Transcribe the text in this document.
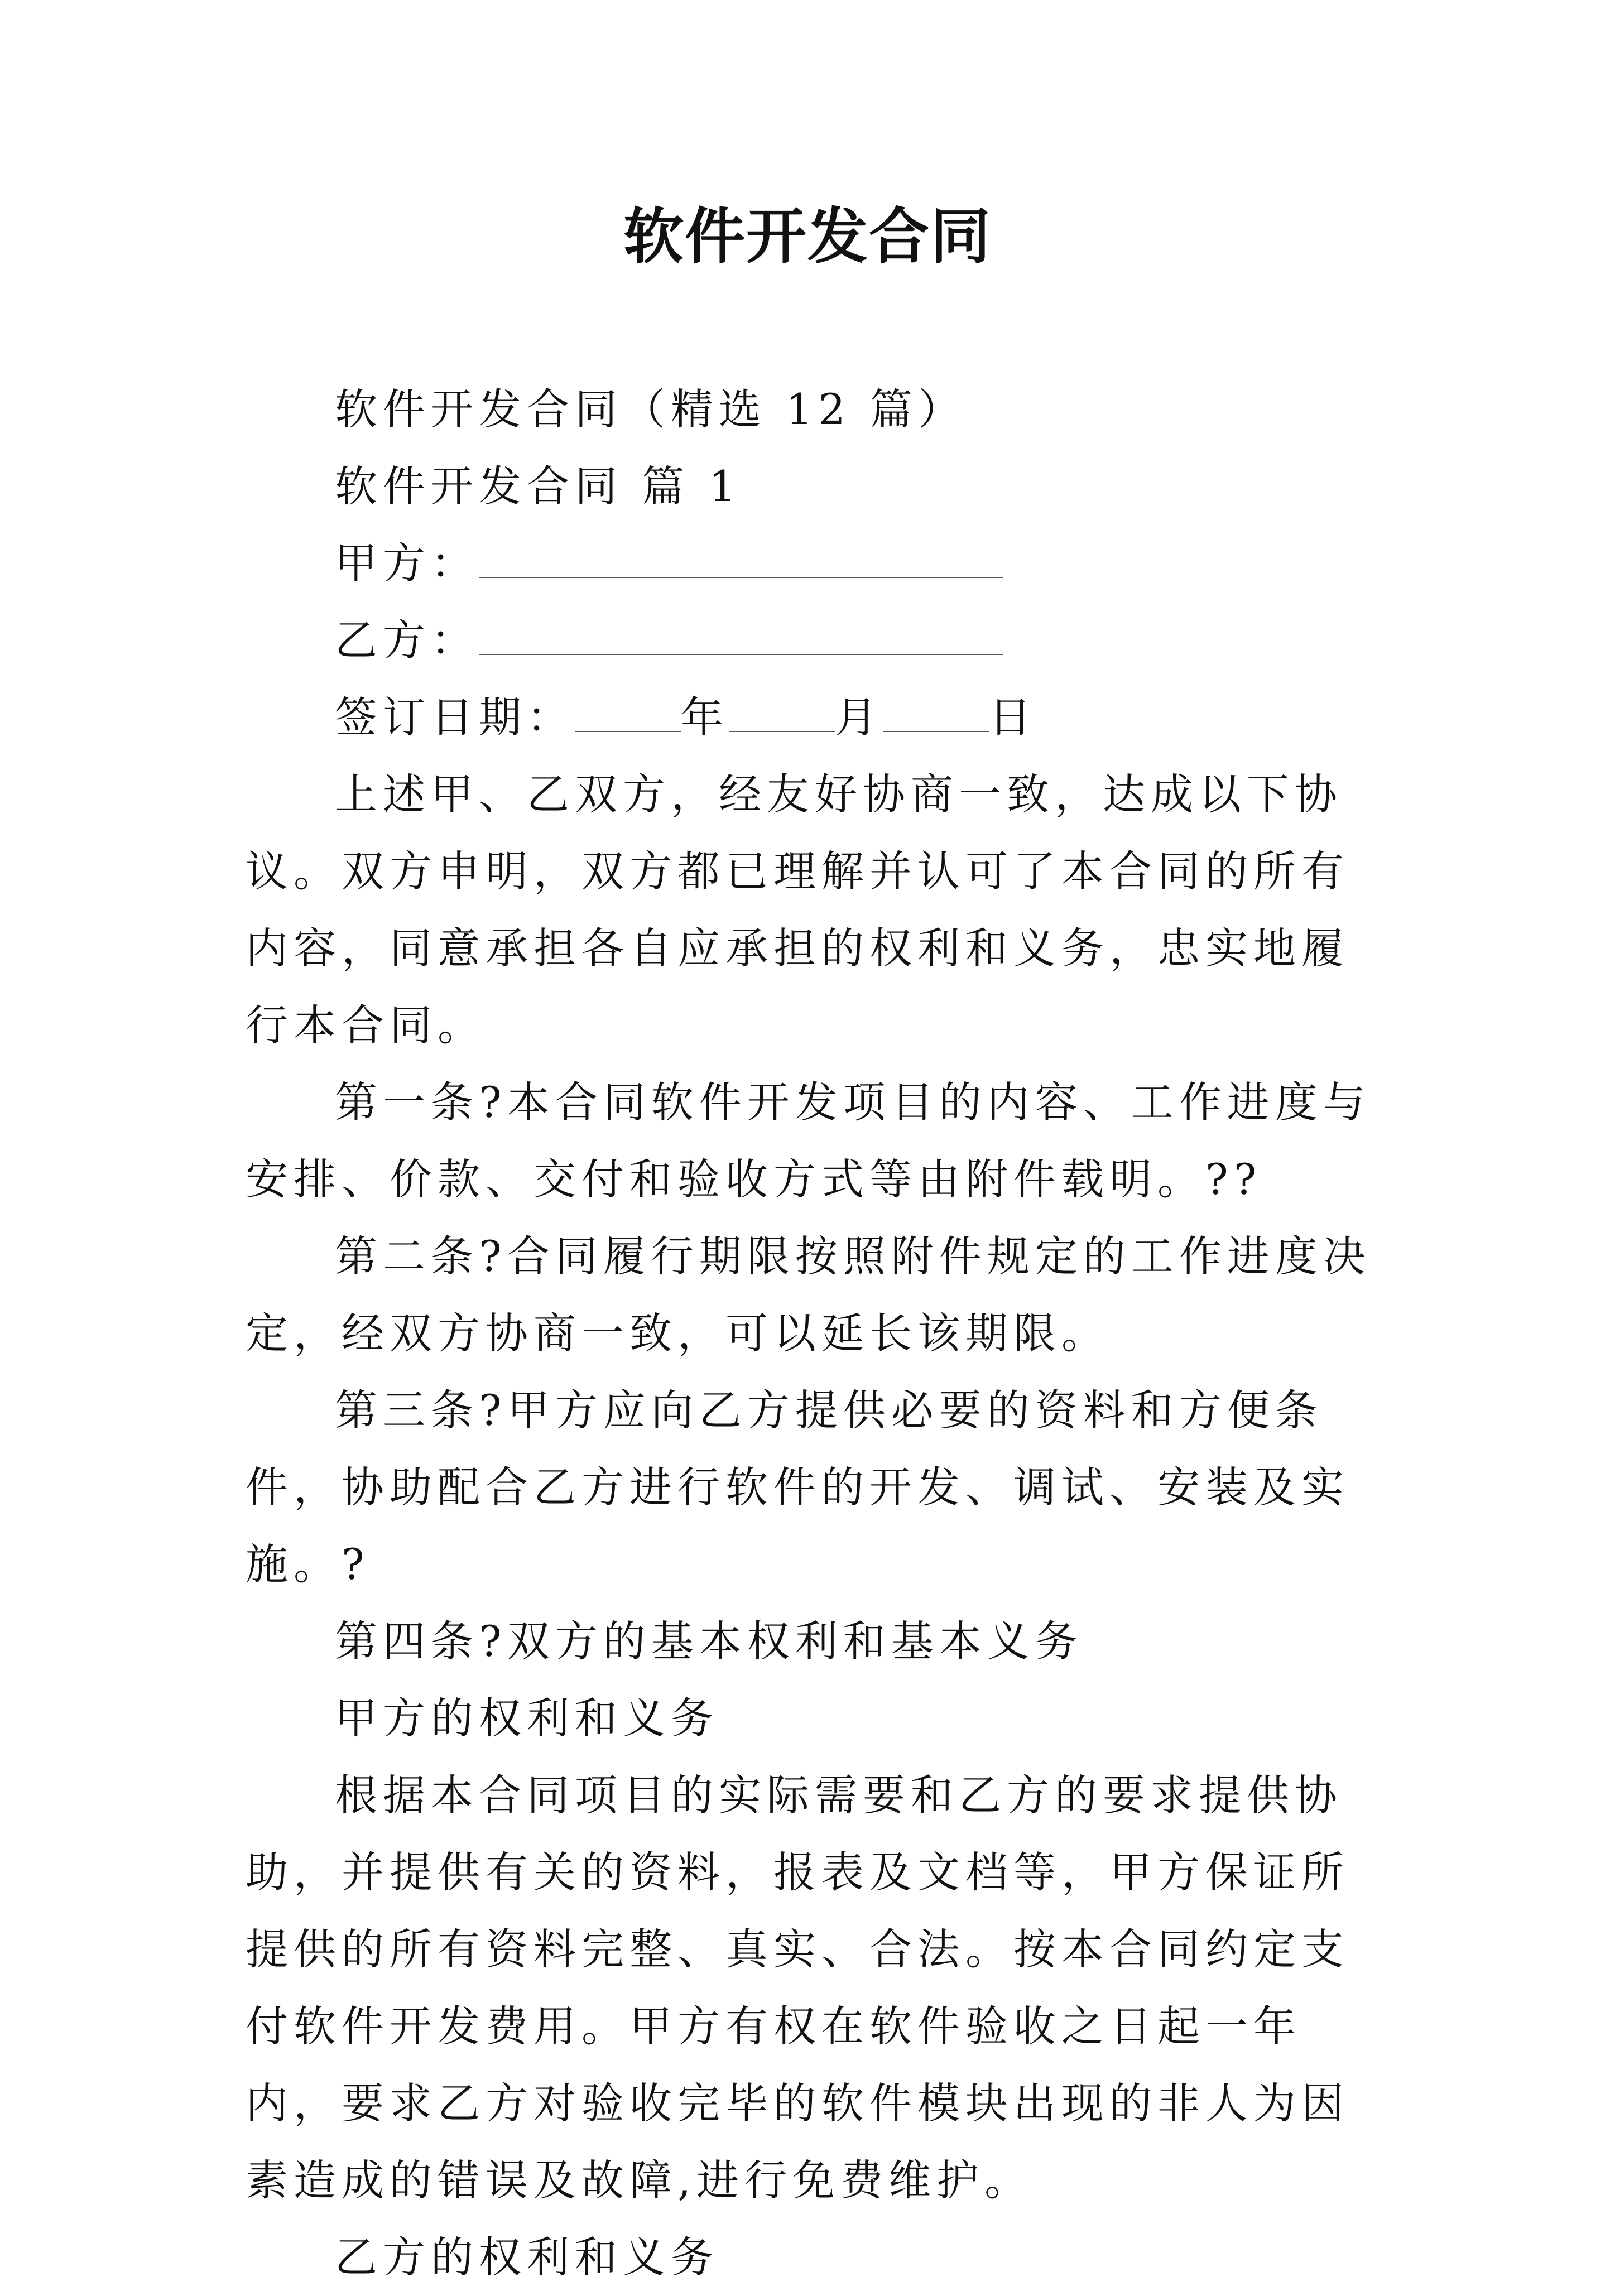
软件开发合同

软件开发合同（精选 12 篇）

软件开发合同 篇 1

甲方：

乙方：

签订日期：	年	月	日

上述甲、乙双方，经友好协商一致，达成以下协议。双方申明，双方都已理解并认可了本合同的所有内容，同意承担各自应承担的权利和义务，忠实地履行本合同。

第一条?本合同软件开发项目的内容、工作进度与安排、价款、交付和验收方式等由附件载明。??

第二条?合同履行期限按照附件规定的工作进度决定，经双方协商一致，可以延长该期限。

第三条?甲方应向乙方提供必要的资料和方便条件，协助配合乙方进行软件的开发、调试、安装及实施。?

第四条?双方的基本权利和基本义务

甲方的权利和义务

根据本合同项目的实际需要和乙方的要求提供协助，并提供有关的资料，报表及文档等，甲方保证所提供的所有资料完整、真实、合法。按本合同约定支付软件开发费用。甲方有权在软件验收之日起一年内，要求乙方对验收完毕的软件模块出现的非人为因素造成的错误及故障,进行免费维护。

乙方的权利和义务
